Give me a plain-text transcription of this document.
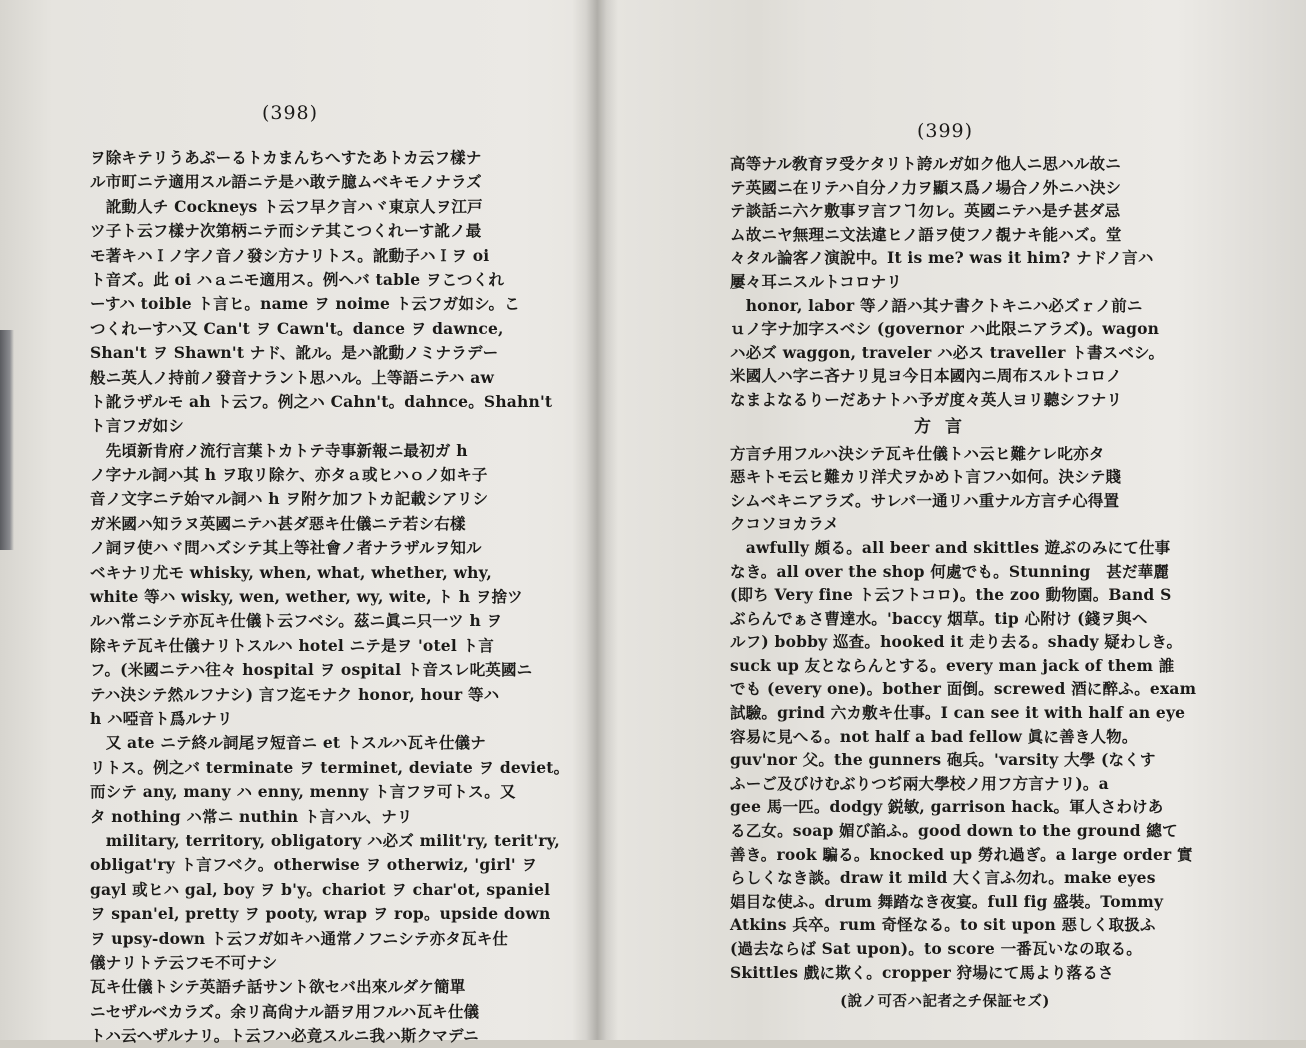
(398)
ヲ除キテリうあぷーるトカまんちへすたあトカ云フ樣ナ
ル市町ニテ適用スル語ニテ是ハ敢テ臆ムベキモノナラズ
　訛動人チ Cockneys ト云フ早ク言ハヾ東京人ヲ江戸
ツ子ト云フ樣ナ次第柄ニテ而シテ其こつくれーす訛ノ最
モ著キハＩノ字ノ音ノ發シ方ナリトス。訛動子ハＩヲ oi
ト音ズ。此 oi ハａニモ適用ス。例ヘバ table ヲこつくれ
ーすハ toible ト言ヒ。name ヲ noime ト云フガ如シ。こ
つくれーすハ又 Can't ヲ Cawn't。dance ヲ dawnce,
Shan't ヲ Shawn't ナド、訛ル。是ハ訛動ノミナラデー
般ニ英人ノ持前ノ發音ナラント思ハル。上等語ニテハ aw
ト訛ラザルモ ah ト云フ。例之ハ Cahn't。dahnce。Shahn't
ト言フガ如シ
　先頃新肯府ノ流行言葉トカトテ寺事新報ニ最初ガ h
ノ字ナル詞ハ其 h ヲ取リ除ケ、亦タａ或ヒハｏノ如キ子
音ノ文字ニテ始マル詞ハ h ヲ附ケ加フトカ記載シアリシ
ガ米國ハ知ラヌ英國ニテハ甚ダ惡キ仕儀ニテ若シ右樣
ノ詞ヲ使ハヾ問ハズシテ其上等社會ノ者ナラザルヲ知ル
ベキナリ尤モ whisky, when, what, whether, why,
white 等ハ wisky, wen, wether, wy, wite, ト h ヲ捨ツ
ルハ常ニシテ亦瓦キ仕儀ト云フベシ。茲ニ眞ニ只一ツ h ヲ
除キテ瓦キ仕儀ナリトスルハ hotel ニテ是ヲ 'otel ト言
フ。(米國ニテハ往々 hospital ヲ ospital ト音スレ叱英國ニ
テハ決シテ然ルフナシ) 言フ迄モナク honor, hour 等ハ
h ハ啞音ト爲ルナリ
　又 ate ニテ終ル詞尾ヲ短音ニ et トスルハ瓦キ仕儀ナ
リトス。例之バ terminate ヲ terminet, deviate ヲ deviet。
而シテ any, many ハ enny, menny ト言フヲ可トス。又
タ nothing ハ常ニ nuthin ト言ハル、ナリ
　military, territory, obligatory ハ必ズ milit'ry, terit'ry,
obligat'ry ト言フベク。otherwise ヲ otherwiz, 'girl' ヲ
gayl 或ヒハ gal, boy ヲ b'y。chariot ヲ char'ot, spaniel
ヲ span'el, pretty ヲ pooty, wrap ヲ rop。upside down
ヲ upsy-down ト云フガ如キハ通常ノフニシテ亦タ瓦キ仕
儀ナリトテ云フモ不可ナシ
瓦キ仕儀トシテ英語チ話サント欲セバ出來ルダケ簡單
ニセザルベカラズ。余リ高尙ナル語ヲ用フルハ瓦キ仕儀
トハ云ヘザルナリ。ト云フハ必竟スルニ我ハ斯クマデニ
(399)
高等ナル敎育ヲ受ケタリト誇ルガ如ク他人ニ思ハル故ニ
テ英國ニ在リテハ自分ノ力ヲ顯ス爲ノ場合ノ外ニハ決シ
テ談話ニ六ケ敷事ヲ言フヿ勿レ。英國ニテハ是チ甚ダ忌
ム故ニヤ無理ニ文法違ヒノ語ヲ使フノ覩ナキ能ハズ。堂
々タル論客ノ演說中。It is me? was it him? ナドノ言ハ
屢々耳ニスルトコロナリ
　honor, labor 等ノ語ハ其ナ書クトキニハ必ズｒノ前ニ
ｕノ字ナ加字スベシ (governor ハ此限ニアラズ)。wagon
ハ必ズ waggon, traveler ハ必ス traveller ト書スベシ。
米國人ハ字ニ吝ナリ見ヨ今日本國內ニ周布スルトコロノ
なまよなるりーだあナトハ予ガ度々英人ヨリ聽シフナリ
方言
方言チ用フルハ決シテ瓦キ仕儀トハ云ヒ難ケレ叱亦タ
惡キトモ云ヒ難カリ洋犬ヲかめト言フハ如何。決シテ賤
シムベキニアラズ。サレバ一通リハ重ナル方言チ心得置
クコソヨカラメ
　awfully 頗る。all beer and skittles 遊ぶのみにて仕事
なき。all over the shop 何處でも。Stunning　甚だ華麗
(即ち Very fine ト云フトコロ)。the zoo 動物園。Band S
ぶらんでぁさ曹達水。'baccy 烟草。tip 心附け (錢ヲ與ヘ
ルフ) bobby 巡査。hooked it 走り去る。shady 疑わしき。
suck up 友とならんとする。every man jack of them 誰
でも (every one)。bother 面倒。screwed 酒に醉ふ。exam
試驗。grind 六カ敷キ仕事。I can see it with half an eye
容易に見へる。not half a bad fellow 眞に善き人物。
guv'nor 父。the gunners 砲兵。'varsity 大學 (なくす
ふーご及びけむぶりつぢ兩大學校ノ用フ方言ナリ)。a
gee 馬一匹。dodgy 鋭敏, garrison hack。軍人さわけあ
る乙女。soap 媚び諂ふ。good down to the ground 總て
善き。rook 騙る。knocked up 勞れ過ぎ。a large order 實
らしくなき談。draw it mild 大く言ふ勿れ。make eyes
娼目な使ふ。drum 舞踏なき夜宴。full fig 盛裝。Tommy
Atkins 兵卒。rum 奇怪なる。to sit upon 惡しく取扱ふ
(過去ならば Sat upon)。to score 一番瓦いなの取る。
Skittles 戲に欺く。cropper 狩場にて馬より落るさ
(說ノ可否ハ記者之チ保証セズ)
